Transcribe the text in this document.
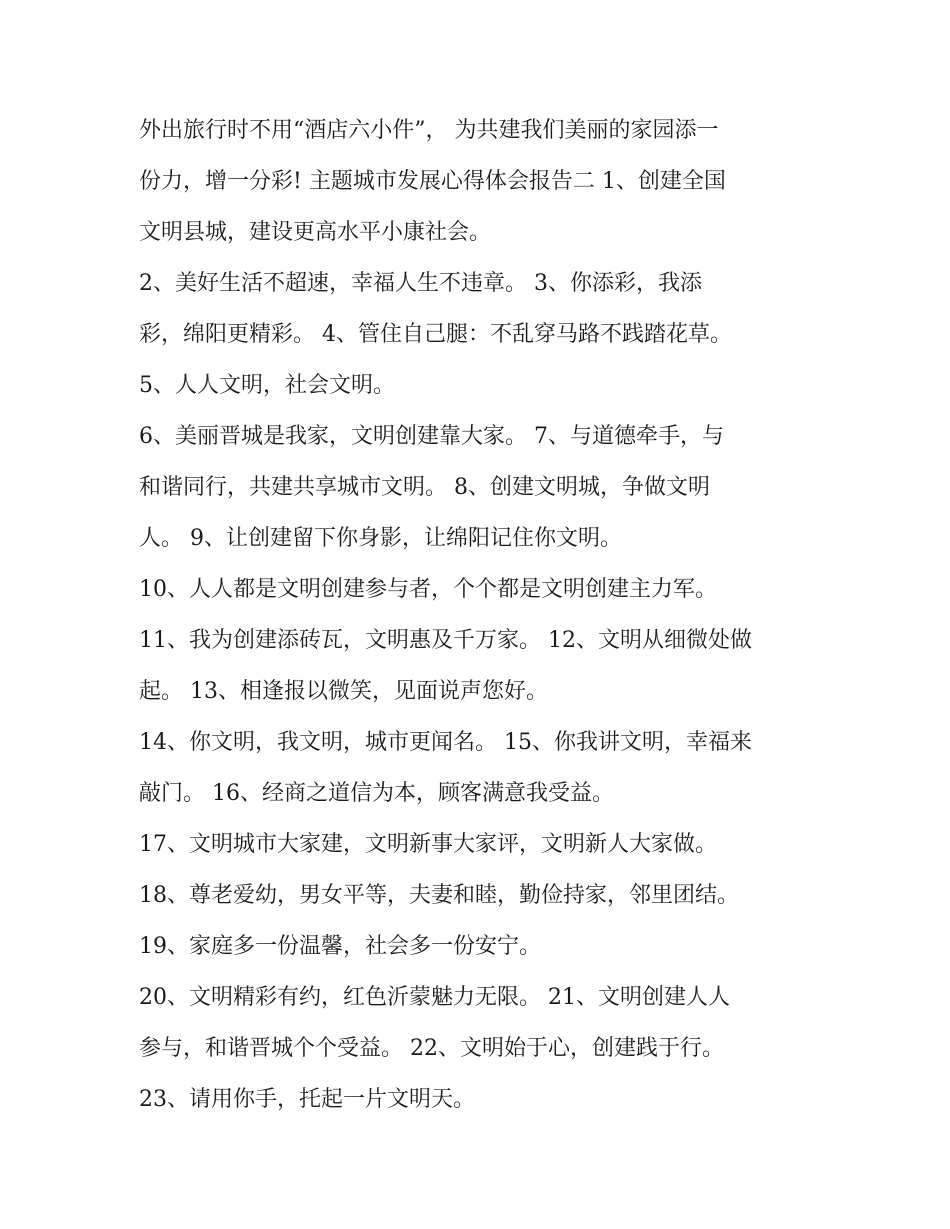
外出旅行时不用“酒店六小件”， 为共建我们美丽的家园添一
份力，增一分彩! 主题城市发展心得体会报告二 1、创建全国
文明县城，建设更高水平小康社会。
2、美好生活不超速，幸福人生不违章。 3、你添彩，我添
彩，绵阳更精彩。 4、管住自己腿：不乱穿马路不践踏花草。
5、人人文明，社会文明。
6、美丽晋城是我家，文明创建靠大家。 7、与道德牵手，与
和谐同行，共建共享城市文明。 8、创建文明城，争做文明
人。 9、让创建留下你身影，让绵阳记住你文明。
10、人人都是文明创建参与者，个个都是文明创建主力军。
11、我为创建添砖瓦，文明惠及千万家。 12、文明从细微处做
起。 13、相逢报以微笑，见面说声您好。
14、你文明，我文明，城市更闻名。 15、你我讲文明，幸福来
敲门。 16、经商之道信为本，顾客满意我受益。
17、文明城市大家建，文明新事大家评，文明新人大家做。
18、尊老爱幼，男女平等，夫妻和睦，勤俭持家，邻里团结。
19、家庭多一份温馨，社会多一份安宁。
20、文明精彩有约，红色沂蒙魅力无限。 21、文明创建人人
参与，和谐晋城个个受益。 22、文明始于心，创建践于行。
23、请用你手，托起一片文明天。
